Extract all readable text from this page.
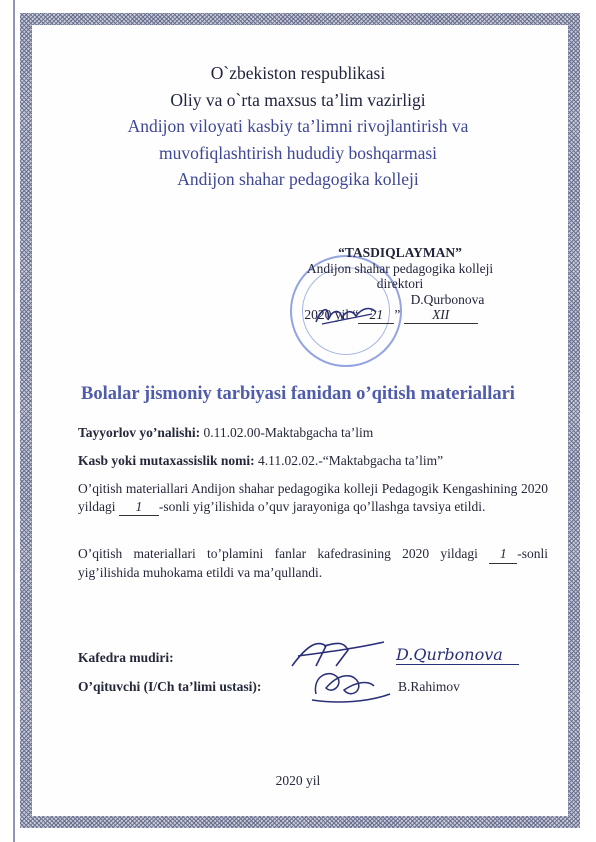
O`zbekiston respublikasi
Oliy va o`rta maxsus ta’lim vazirligi
Andijon viloyati kasbiy ta’limni rivojlantirish va
muvofiqlashtirish hududiy boshqarmasi
Andijon shahar pedagogika kolleji
“TASDIQLAYMAN”
Andijon shahar pedagogika kolleji
direktori
D.Qurbonova
2020 yil “ 21 ” XII
Bolalar jismoniy tarbiyasi fanidan o’qitish materiallari
Tayyorlov yo’nalishi: 0.11.02.00-Maktabgacha ta’lim
Kasb yoki mutaxassislik nomi: 4.11.02.02.-“Maktabgacha ta’lim”
O’qitish materiallari Andijon shahar pedagogika kolleji Pedagogik Kengashining 2020 yildagi 1 -sonli yig’ilishida o’quv jarayoniga qo’llashga tavsiya etildi.
O’qitish materiallari to’plamini fanlar kafedrasining 2020 yildagi 1 -sonli yig’ilishida muhokama etildi va ma’qullandi.
Kafedra mudiri:	D.Qurbonova
O’qituvchi (I/Ch ta’limi ustasi):	B.Rahimov
2020 yil
